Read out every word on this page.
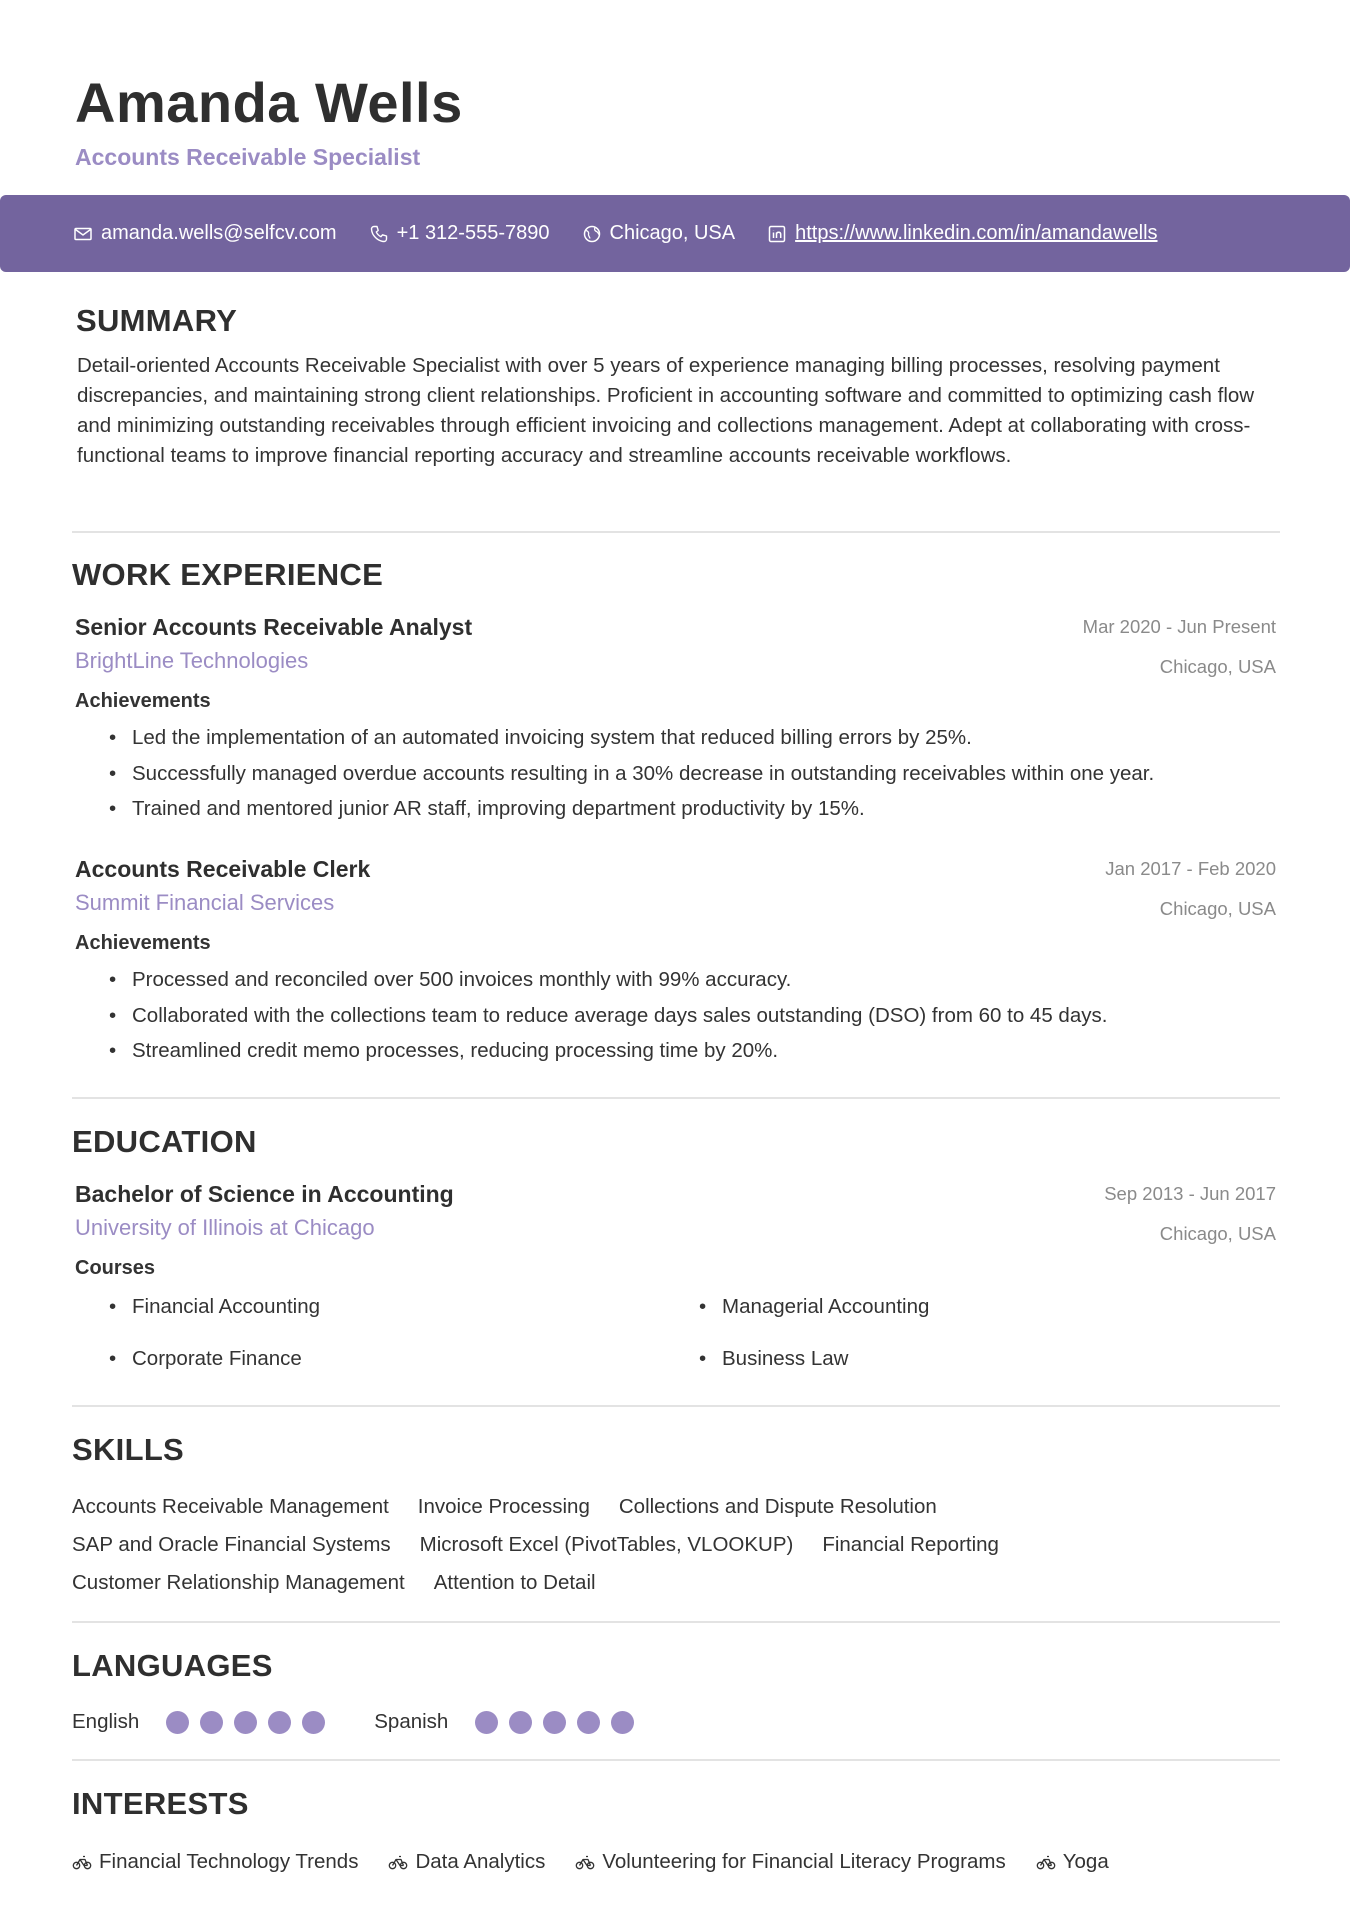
Amanda Wells
Accounts Receivable Specialist
amanda.wells@selfcv.com	+1 312-555-7890	Chicago, USA	https://www.linkedin.com/in/amandawells
SUMMARY
Detail-oriented Accounts Receivable Specialist with over 5 years of experience managing billing processes, resolving payment discrepancies, and maintaining strong client relationships. Proficient in accounting software and committed to optimizing cash flow and minimizing outstanding receivables through efficient invoicing and collections management. Adept at collaborating with cross-functional teams to improve financial reporting accuracy and streamline accounts receivable workflows.
WORK EXPERIENCE
Senior Accounts Receivable Analyst
BrightLine Technologies
Mar 2020 - Jun Present
Chicago, USA
Achievements
• Led the implementation of an automated invoicing system that reduced billing errors by 25%.
• Successfully managed overdue accounts resulting in a 30% decrease in outstanding receivables within one year.
• Trained and mentored junior AR staff, improving department productivity by 15%.
Accounts Receivable Clerk
Summit Financial Services
Jan 2017 - Feb 2020
Chicago, USA
Achievements
• Processed and reconciled over 500 invoices monthly with 99% accuracy.
• Collaborated with the collections team to reduce average days sales outstanding (DSO) from 60 to 45 days.
• Streamlined credit memo processes, reducing processing time by 20%.
EDUCATION
Bachelor of Science in Accounting
University of Illinois at Chicago
Sep 2013 - Jun 2017
Chicago, USA
Courses
• Financial Accounting	• Managerial Accounting
• Corporate Finance	• Business Law
SKILLS
Accounts Receivable Management Invoice Processing Collections and Dispute Resolution
SAP and Oracle Financial Systems Microsoft Excel (PivotTables, VLOOKUP) Financial Reporting
Customer Relationship Management Attention to Detail
LANGUAGES
English	Spanish
INTERESTS
Financial Technology Trends	Data Analytics	Volunteering for Financial Literacy Programs	Yoga
